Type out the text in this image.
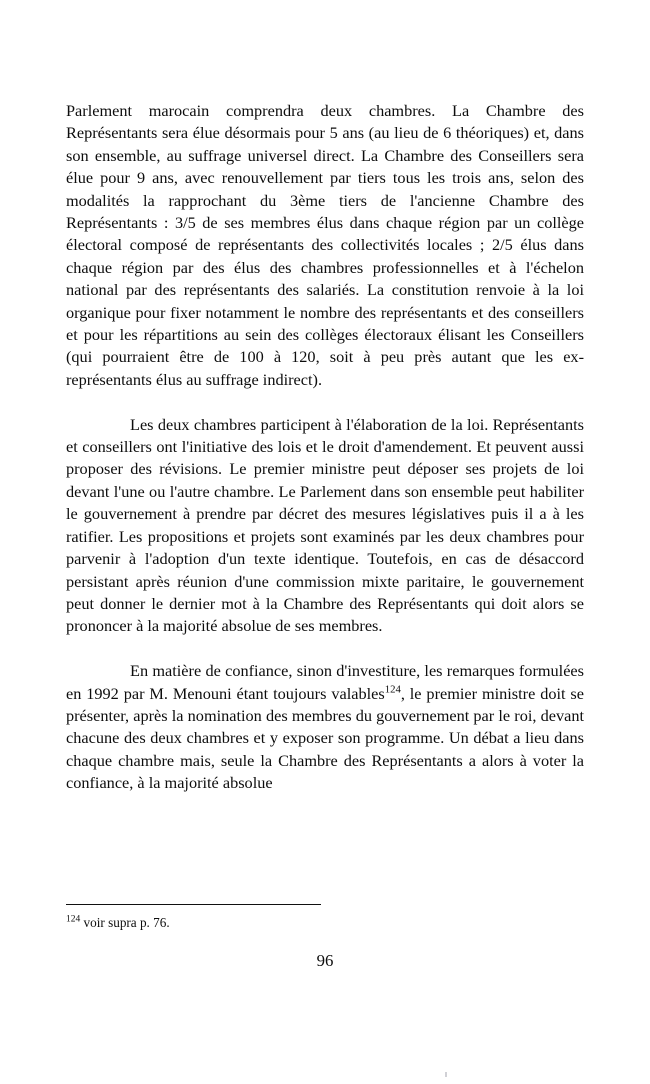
Parlement marocain comprendra deux chambres. La Chambre des Représentants sera élue désormais pour 5 ans (au lieu de 6 théoriques) et, dans son ensemble, au suffrage universel direct. La Chambre des Conseillers sera élue pour 9 ans, avec renouvellement par tiers tous les trois ans, selon des modalités la rapprochant du 3ème tiers de l'ancienne Chambre des Représentants : 3/5 de ses membres élus dans chaque région par un collège électoral composé de représentants des collectivités locales ; 2/5 élus dans chaque région par des élus des chambres professionnelles et à l'échelon national par des représentants des salariés. La constitution renvoie à la loi organique pour fixer notamment le nombre des représentants et des conseillers et pour les répartitions au sein des collèges électoraux élisant les Conseillers (qui pourraient être de 100 à 120, soit à peu près autant que les ex-représentants élus au suffrage indirect).

Les deux chambres participent à l'élaboration de la loi. Représentants et conseillers ont l'initiative des lois et le droit d'amendement. Et peuvent aussi proposer des révisions. Le premier ministre peut déposer ses projets de loi devant l'une ou l'autre chambre. Le Parlement dans son ensemble peut habiliter le gouvernement à prendre par décret des mesures législatives puis il a à les ratifier. Les propositions et projets sont examinés par les deux chambres pour parvenir à l'adoption d'un texte identique. Toutefois, en cas de désaccord persistant après réunion d'une commission mixte paritaire, le gouvernement peut donner le dernier mot à la Chambre des Représentants qui doit alors se prononcer à la majorité absolue de ses membres.

En matière de confiance, sinon d'investiture, les remarques formulées en 1992 par M. Menouni étant toujours valables$^{124}$, le premier ministre doit se présenter, après la nomination des membres du gouvernement par le roi, devant chacune des deux chambres et y exposer son programme. Un débat a lieu dans chaque chambre mais, seule la Chambre des Représentants a alors à voter la confiance, à la majorité absolue

$^{124}$ voir supra p. 76.

96
